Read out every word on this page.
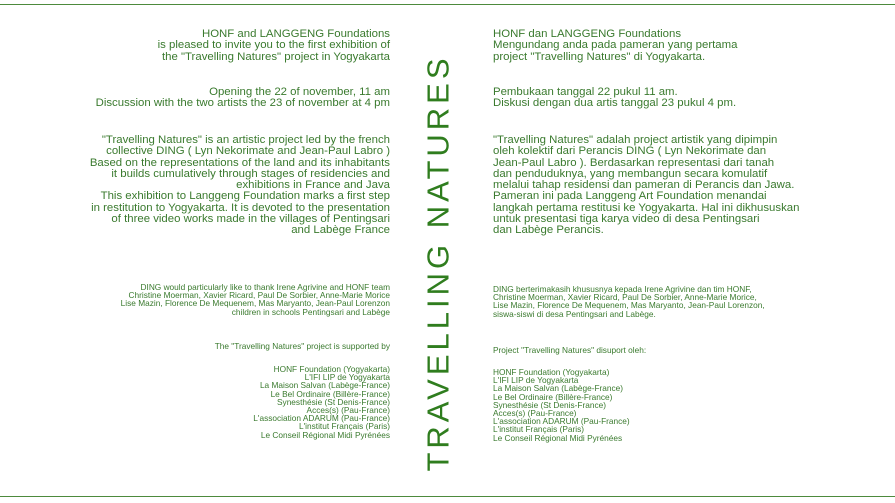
HONF and LANGGENG Foundations
is pleased to invite you to the first exhibition of
the "Travelling Natures" project in Yogyakarta
Opening the 22 of november, 11 am
Discussion with the two artists the 23 of november at 4 pm
"Travelling Natures" is an artistic project led by the french
collective DING ( Lyn Nekorimate and Jean-Paul Labro )
Based on the representations of the land and its inhabitants
it builds cumulatively through stages of residencies and
exhibitions in France and Java
This exhibition to Langgeng Foundation marks a first step
in restitution to Yogyakarta. It is devoted to the presentation
of three video works made in the villages of Pentingsari
and Labège France
DING would particularly like to thank Irene Agrivine and HONF team
Christine Moerman, Xavier Ricard, Paul De Sorbier, Anne-Marie Morice
Lise Mazin, Florence De Mequenem, Mas Maryanto, Jean-Paul Lorenzon
children in schools Pentingsari and Labège
The "Travelling Natures" project is supported by
HONF Foundation (Yogyakarta)
L'IFI LIP de Yogyakarta
La Maison Salvan (Labège-France)
Le Bel Ordinaire (Billère-France)
Synesthésie (St Denis-France)
Acces(s) (Pau-France)
L'association ADARUM (Pau-France)
L'institut Français (Paris)
Le Conseil Régional Midi Pyrénées TRAVELLING NATURES
HONF dan LANGGENG Foundations
Mengundang anda pada pameran yang pertama
project "Travelling Natures" di Yogyakarta.
Pembukaan tanggal 22 pukul 11 am.
Diskusi dengan dua artis tanggal 23 pukul 4 pm.
"Travelling Natures" adalah project artistik yang dipimpin
oleh kolektif dari Perancis DING ( Lyn Nekorimate dan
Jean-Paul Labro ). Berdasarkan representasi dari tanah
dan penduduknya, yang membangun secara komulatif
melalui tahap residensi dan pameran di Perancis dan Jawa.
Pameran ini pada Langgeng Art Foundation menandai
langkah pertama restitusi ke Yogyakarta. Hal ini dikhususkan
untuk presentasi tiga karya video di desa Pentingsari
dan Labège Perancis.
DING berterimakasih khususnya kepada Irene Agrivine dan tim HONF,
Christine Moerman, Xavier Ricard, Paul De Sorbier, Anne-Marie Morice,
Lise Mazin, Florence De Mequenem, Mas Maryanto, Jean-Paul Lorenzon,
siswa-siswi di desa Pentingsari and Labège.
Project "Travelling Natures" disuport oleh:
HONF Foundation (Yogyakarta)
L'IFI LIP de Yogyakarta
La Maison Salvan (Labège-France)
Le Bel Ordinaire (Billère-France)
Synesthésie (St Denis-France)
Acces(s) (Pau-France)
L'association ADARUM (Pau-France)
L'institut Français (Paris)
Le Conseil Régional Midi Pyrénées
